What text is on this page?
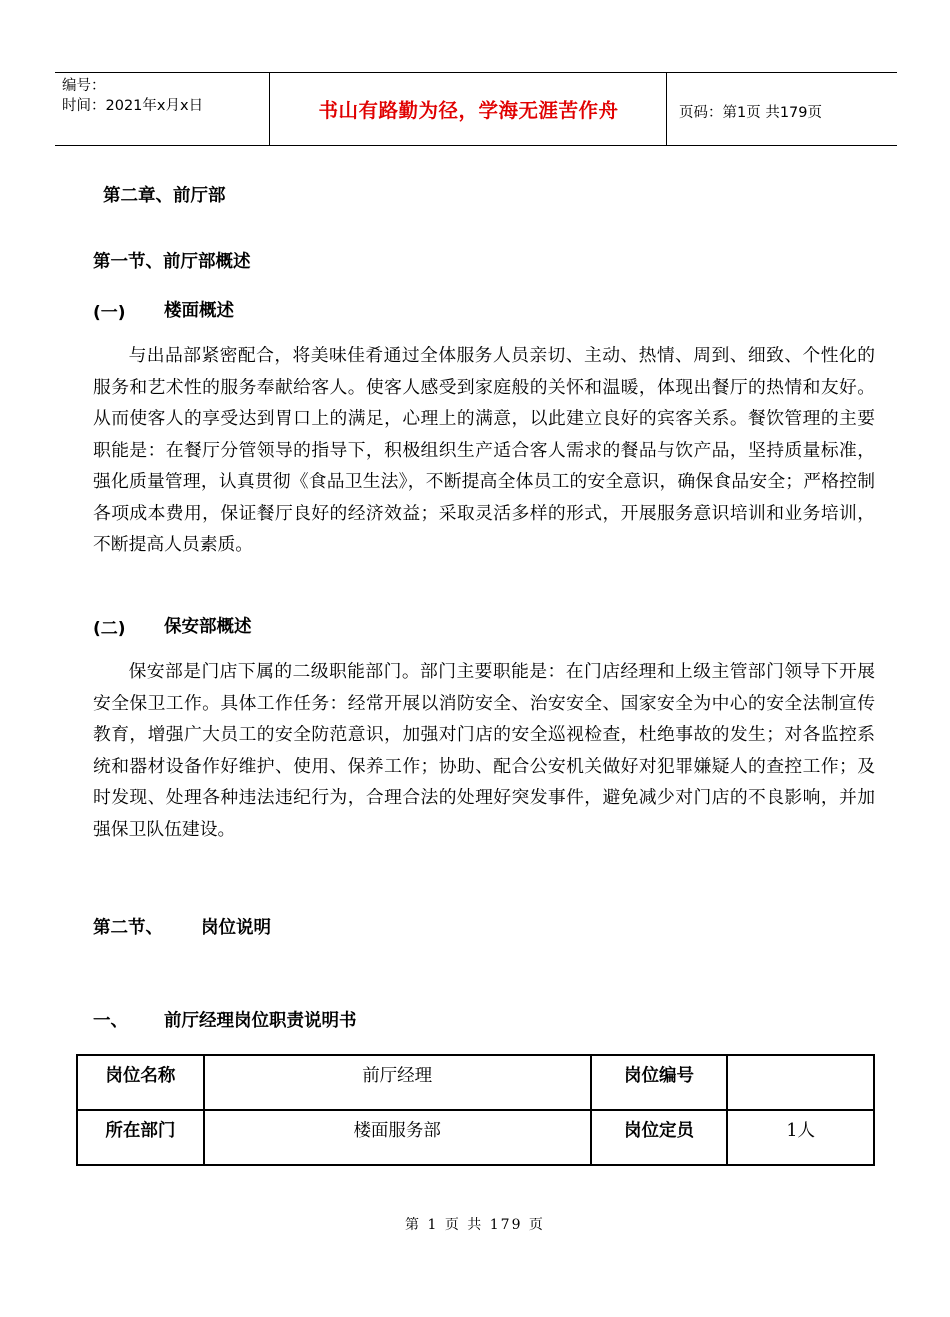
编号：
时间：2021年x月x日	书山有路勤为径，学海无涯苦作舟	页码：第1页 共179页
第二章、前厅部
第一节、前厅部概述
(一) 楼面概述
与出品部紧密配合，将美味佳肴通过全体服务人员亲切、主动、热情、周到、细致、个性化的服务和艺术性的服务奉献给客人。使客人感受到家庭般的关怀和温暖，体现出餐厅的热情和友好。从而使客人的享受达到胃口上的满足，心理上的满意，以此建立良好的宾客关系。餐饮管理的主要职能是：在餐厅分管领导的指导下，积极组织生产适合客人需求的餐品与饮产品，坚持质量标准，强化质量管理，认真贯彻《食品卫生法》，不断提高全体员工的安全意识，确保食品安全；严格控制各项成本费用，保证餐厅良好的经济效益；采取灵活多样的形式，开展服务意识培训和业务培训，不断提高人员素质。
(二) 保安部概述
保安部是门店下属的二级职能部门。部门主要职能是：在门店经理和上级主管部门领导下开展安全保卫工作。具体工作任务：经常开展以消防安全、治安安全、国家安全为中心的安全法制宣传教育，增强广大员工的安全防范意识，加强对门店的安全巡视检查，杜绝事故的发生；对各监控系统和器材设备作好维护、使用、保养工作；协助、配合公安机关做好对犯罪嫌疑人的查控工作；及时发现、处理各种违法违纪行为，合理合法的处理好突发事件，避免减少对门店的不良影响，并加强保卫队伍建设。
第二节、 岗位说明
一、 前厅经理岗位职责说明书
岗位名称	前厅经理	岗位编号	
所在部门	楼面服务部	岗位定员	1人
第 1 页 共 179 页
